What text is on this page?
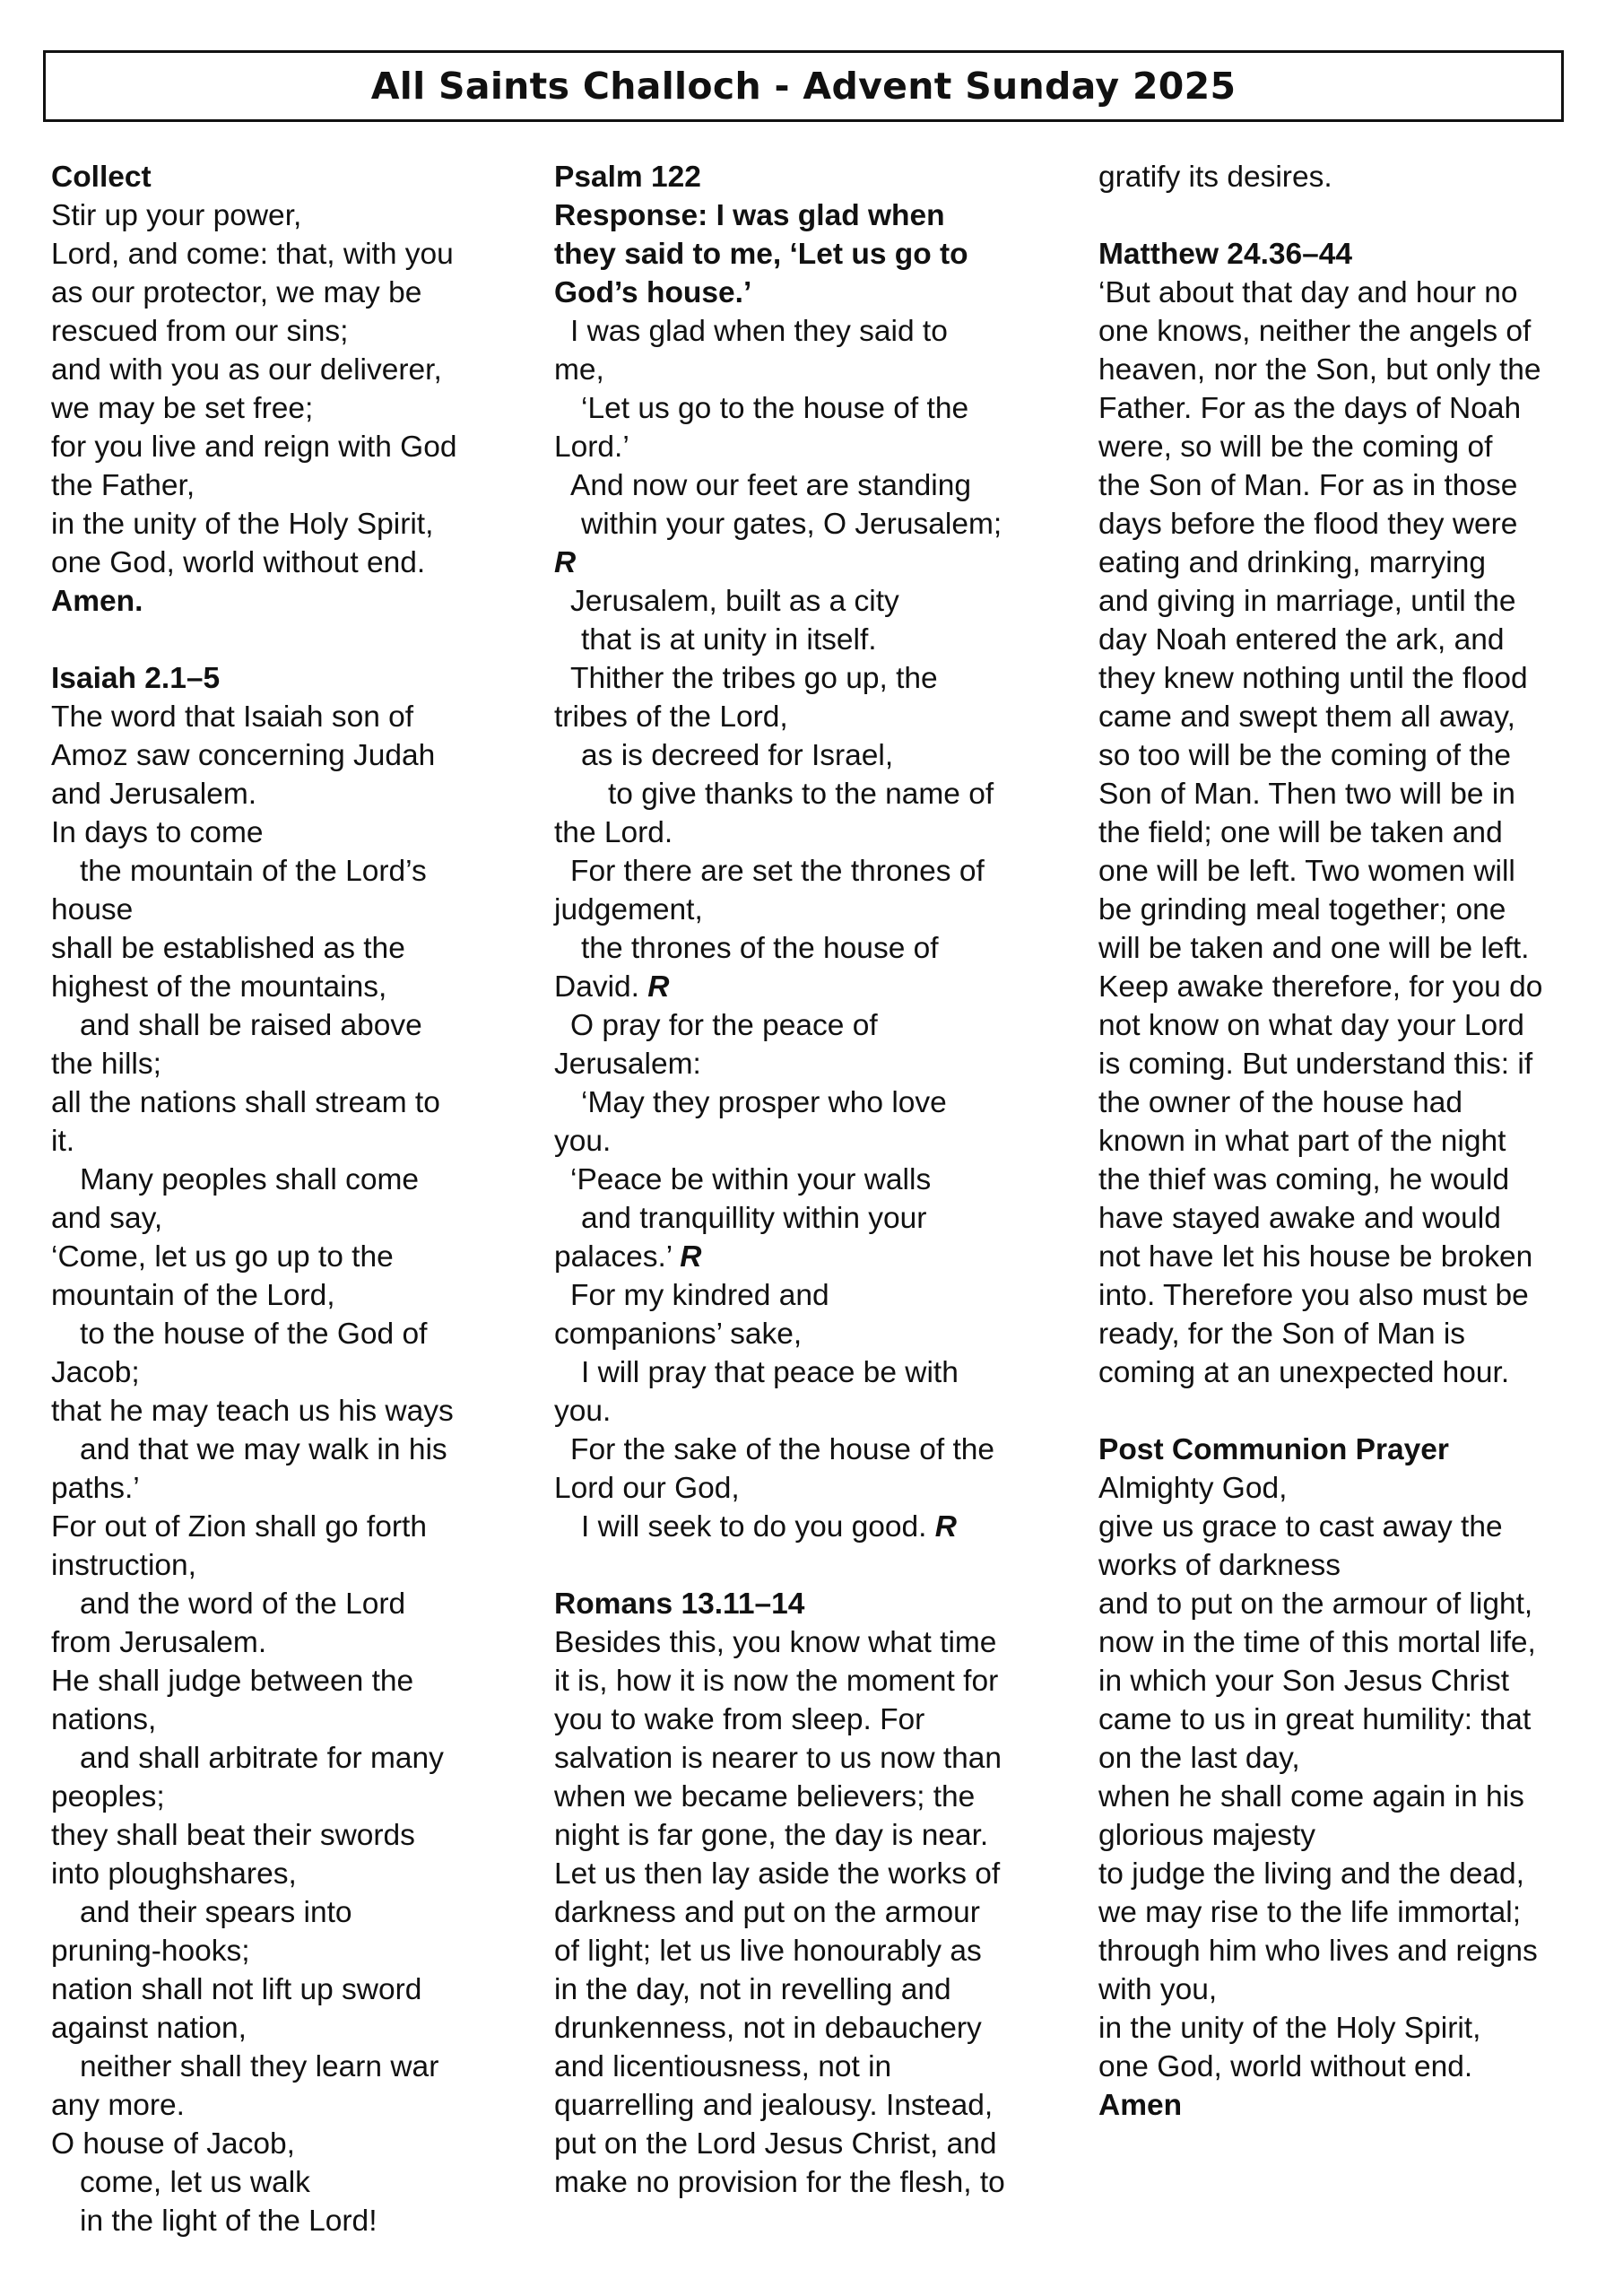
All Saints Challoch - Advent Sunday 2025
Collect
Stir up your power,
Lord, and come: that, with you
as our protector, we may be
rescued from our sins;
and with you as our deliverer,
we may be set free;
for you live and reign with God
the Father,
in the unity of the Holy Spirit,
one God, world without end.
Amen.
Isaiah 2.1–5
The word that Isaiah son of
Amoz saw concerning Judah
and Jerusalem.
In days to come
the mountain of the Lord’s
house
shall be established as the
highest of the mountains,
and shall be raised above
the hills;
all the nations shall stream to
it.
Many peoples shall come
and say,
‘Come, let us go up to the
mountain of the Lord,
to the house of the God of
Jacob;
that he may teach us his ways
and that we may walk in his
paths.’
For out of Zion shall go forth
instruction,
and the word of the Lord
from Jerusalem.
He shall judge between the
nations,
and shall arbitrate for many
peoples;
they shall beat their swords
into ploughshares,
and their spears into
pruning-hooks;
nation shall not lift up sword
against nation,
neither shall they learn war
any more.
O house of Jacob,
come, let us walk
in the light of the Lord!
Psalm 122
Response: I was glad when
they said to me, ‘Let us go to
God’s house.’
I was glad when they said to
me,
‘Let us go to the house of the
Lord.’
And now our feet are standing
within your gates, O Jerusalem;
R
Jerusalem, built as a city
that is at unity in itself.
Thither the tribes go up, the
tribes of the Lord,
as is decreed for Israel,
to give thanks to the name of
the Lord.
For there are set the thrones of
judgement,
the thrones of the house of
David. R
O pray for the peace of
Jerusalem:
‘May they prosper who love
you.
‘Peace be within your walls
and tranquillity within your
palaces.’ R
For my kindred and
companions’ sake,
I will pray that peace be with
you.
For the sake of the house of the
Lord our God,
I will seek to do you good. R
Romans 13.11–14
Besides this, you know what time
it is, how it is now the moment for
you to wake from sleep. For
salvation is nearer to us now than
when we became believers; the
night is far gone, the day is near.
Let us then lay aside the works of
darkness and put on the armour
of light; let us live honourably as
in the day, not in revelling and
drunkenness, not in debauchery
and licentiousness, not in
quarrelling and jealousy. Instead,
put on the Lord Jesus Christ, and
make no provision for the flesh, to
gratify its desires.
Matthew 24.36–44
‘But about that day and hour no
one knows, neither the angels of
heaven, nor the Son, but only the
Father. For as the days of Noah
were, so will be the coming of
the Son of Man. For as in those
days before the flood they were
eating and drinking, marrying
and giving in marriage, until the
day Noah entered the ark, and
they knew nothing until the flood
came and swept them all away,
so too will be the coming of the
Son of Man. Then two will be in
the field; one will be taken and
one will be left. Two women will
be grinding meal together; one
will be taken and one will be left.
Keep awake therefore, for you do
not know on what day your Lord
is coming. But understand this: if
the owner of the house had
known in what part of the night
the thief was coming, he would
have stayed awake and would
not have let his house be broken
into. Therefore you also must be
ready, for the Son of Man is
coming at an unexpected hour.
Post Communion Prayer
Almighty God,
give us grace to cast away the
works of darkness
and to put on the armour of light,
now in the time of this mortal life,
in which your Son Jesus Christ
came to us in great humility: that
on the last day,
when he shall come again in his
glorious majesty
to judge the living and the dead,
we may rise to the life immortal;
through him who lives and reigns
with you,
in the unity of the Holy Spirit,
one God, world without end.
Amen
